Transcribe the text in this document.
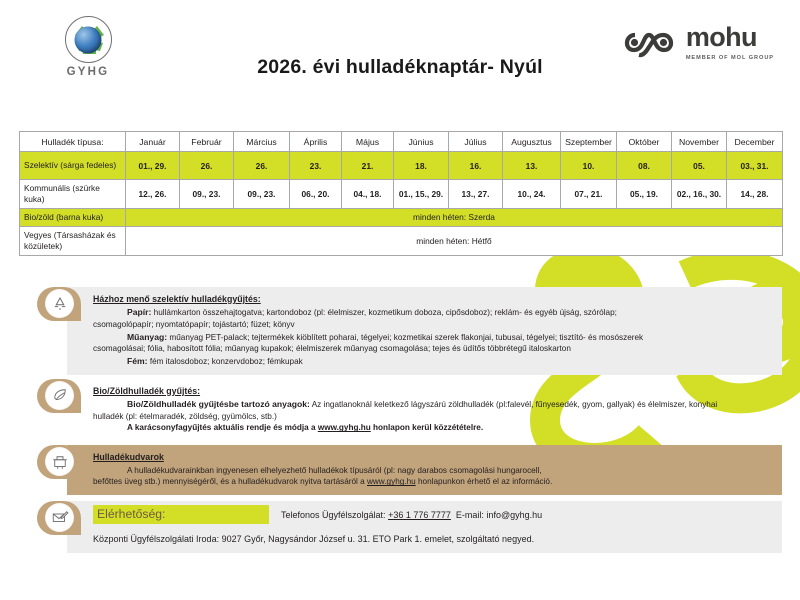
GYHG	2026. évi hulladéknaptár- Nyúl
mohu
MEMBER OF MOL GROUP
Hulladék típusa:	Január	Február	Március	Április	Május	Június	Július	Augusztus	Szeptember	Október	November	December
Szelektív (sárga fedeles)	01., 29.	26.	26.	23.	21.	18.	16.	13.	10.	08.	05.	03., 31.
Kommunális (szürke kuka)	12., 26.	09., 23.	09., 23.	06., 20.	04., 18.	01., 15., 29.	13., 27.	10., 24.	07., 21.	05., 19.	02., 16., 30.	14., 28.
Bio/zöld (barna kuka)	minden héten: Szerda											
Vegyes (Társasházak és közületek)	minden héten: Hétfő											
Házhoz menő szelektív hulladékgyűjtés:
Papír: hullámkarton összehajtogatva; kartondoboz (pl: élelmiszer, kozmetikum doboza, cipősdoboz); reklám- és egyéb újság, szórólap;
csomagolópapír; nyomtatópapír; tojástartó; füzet; könyv
Műanyag: műanyag PET-palack; tejtermékek kiöblített poharai, tégelyei; kozmetikai szerek flakonjai, tubusai, tégelyei; tisztító- és mosószerek
csomagolásai; fólia, habosított fólia; műanyag kupakok; élelmiszerek műanyag csomagolása; tejes és üdítős többrétegű italoskarton
Fém: fém italosdoboz; konzervdoboz; fémkupak
Bio/Zöldhulladék gyűjtés:
Bio/Zöldhulladék gyűjtésbe tartozó anyagok: Az ingatlanoknál keletkező lágyszárú zöldhulladék (pl:falevél, fűnyesedék, gyom, gallyak) és élelmiszer, konyhai
hulladék (pl: ételmaradék, zöldség, gyümölcs, stb.)
A karácsonyfagyűjtés aktuális rendje és módja a www.gyhg.hu honlapon kerül közzétételre.
Hulladékudvarok
A hulladékudvarainkban ingyenesen elhelyezhető hulladékok típusáról (pl: nagy darabos csomagolási hungarocell,
befőttes üveg stb.) mennyiségéről, és a hulladékudvarok nyitva tartásáról a www.gyhg.hu honlapunkon érhető el az információ.
Elérhetőség:	Telefonos Ügyfélszolgálat: +36 1 776 7777 E-mail: info@gyhg.hu
Központi Ügyfélszolgálati Iroda: 9027 Győr, Nagysándor József u. 31. ETO Park 1. emelet, szolgáltató negyed.
